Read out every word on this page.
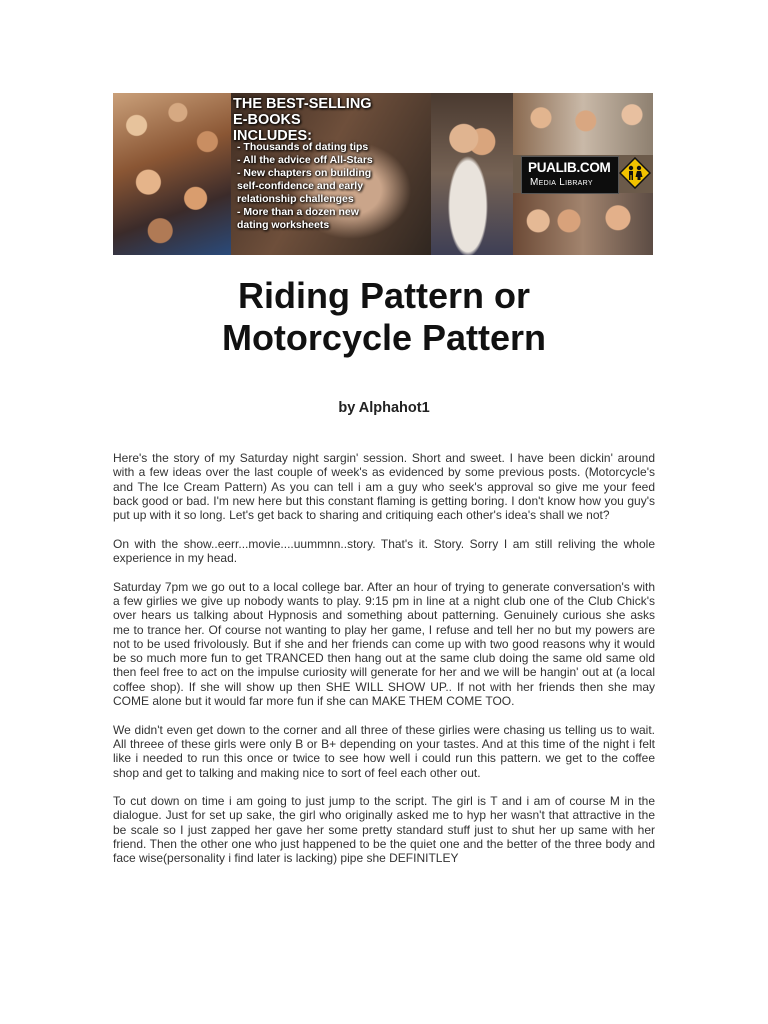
THE BEST-SELLING
E-BOOKS INCLUDES:
- Thousands of dating tips
- All the advice off All-Stars
- New chapters on building
self-confidence and early
relationship challenges
- More than a dozen new
dating worksheets
PUALIB.COM
Media Library
Riding Pattern or
Motorcycle Pattern
by Alphahot1

Here's the story of my Saturday night sargin' session. Short and sweet. I have been dickin' around with a few ideas over the last couple of week's as evidenced by some previous posts. (Motorcycle's and The Ice Cream Pattern) As you can tell i am a guy who seek's approval so give me your feed back good or bad. I'm new here but this constant flaming is getting boring. I don't know how you guy's put up with it so long. Let's get back to sharing and critiquing each other's idea's shall we not?

On with the show..eerr...movie....uummnn..story. That's it. Story. Sorry I am still reliving the whole experience in my head.

Saturday 7pm we go out to a local college bar. After an hour of trying to generate conversation's with a few girlies we give up nobody wants to play. 9:15 pm in line at a night club one of the Club Chick's over hears us talking about Hypnosis and something about patterning. Genuinely curious she asks me to trance her. Of course not wanting to play her game, I refuse and tell her no but my powers are not to be used frivolously. But if she and her friends can come up with two good reasons why it would be so much more fun to get TRANCED then hang out at the same club doing the same old same old then feel free to act on the impulse curiosity will generate for her and we will be hangin' out at (a local coffee shop). If she will show up then SHE WILL SHOW UP.. If not with her friends then she may COME alone but it would far more fun if she can MAKE THEM COME TOO.

We didn't even get down to the corner and all three of these girlies were chasing us telling us to wait. All threee of these girls were only B or B+ depending on your tastes. And at this time of the night i felt like i needed to run this once or twice to see how well i could run this pattern. we get to the coffee shop and get to talking and making nice to sort of feel each other out.

To cut down on time i am going to just jump to the script. The girl is T and i am of course M in the dialogue. Just for set up sake, the girl who originally asked me to hyp her wasn't that attractive in the be scale so I just zapped her gave her some pretty standard stuff just to shut her up same with her friend. Then the other one who just happened to be the quiet one and the better of the three body and face wise(personality i find later is lacking) pipe she DEFINITLEY
